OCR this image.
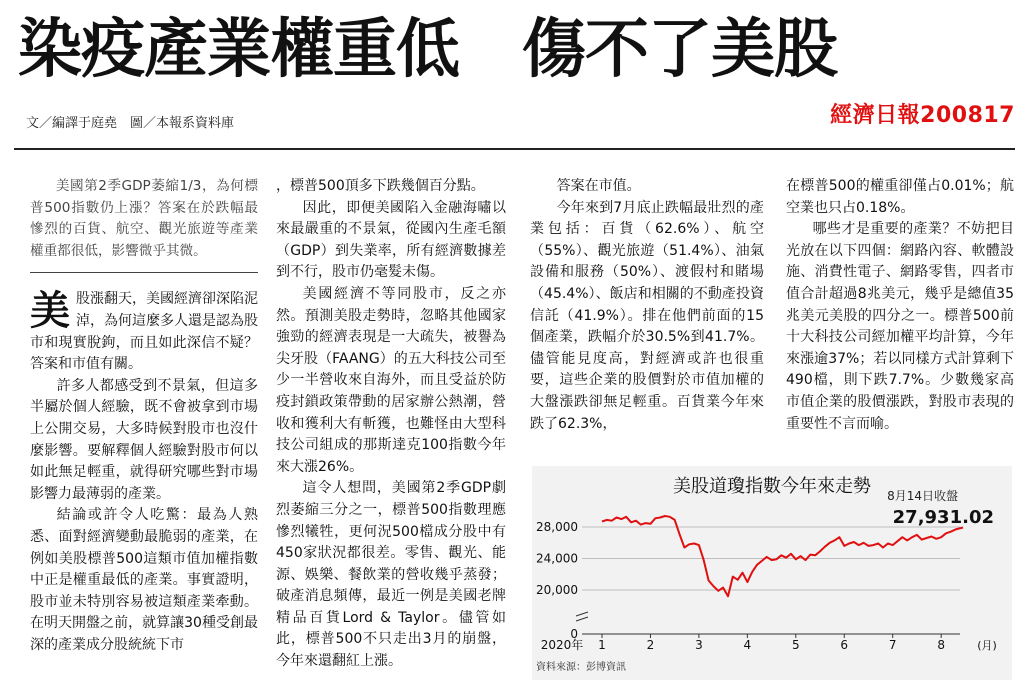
染疫產業權重低　傷不了美股
文／編譯于庭堯　圖／本報系資料庫	經濟日報200817

美國第2季GDP萎縮1/3，為何標普500指數仍上漲？答案在於跌幅最慘烈的百貨、航空、觀光旅遊等產業權重都很低，影響微乎其微。

美股漲翻天，美國經濟卻深陷泥淖，為何這麼多人還是認為股市和現實脫鉤，而且如此深信不疑？答案和市值有關。

許多人都感受到不景氣，但這多半屬於個人經驗，既不會被拿到市場上公開交易，大多時候對股市也沒什麼影響。要解釋個人經驗對股市何以如此無足輕重，就得研究哪些對市場影響力最薄弱的產業。

結論或許令人吃驚：最為人熟悉、面對經濟變動最脆弱的產業，在例如美股標普500這類市值加權指數中正是權重最低的產業。事實證明，股市並未特別容易被這類產業牽動。在明天開盤之前，就算讓30種受創最深的產業成分股統統下市

，標普500頂多下跌幾個百分點。

因此，即便美國陷入金融海嘯以來最嚴重的不景氣，從國內生產毛額（GDP）到失業率，所有經濟數據差到不行，股市仍毫髮未傷。

美國經濟不等同股市，反之亦然。預測美股走勢時，忽略其他國家強勁的經濟表現是一大疏失，被譽為尖牙股（FAANG）的五大科技公司至少一半營收來自海外，而且受益於防疫封鎖政策帶動的居家辦公熱潮，營收和獲利大有斬獲，也難怪由大型科技公司組成的那斯達克100指數今年來大漲26%。

這令人想問，美國第2季GDP劇烈萎縮三分之一，標普500指數理應慘烈犧牲，更何況500檔成分股中有450家狀況都很差。零售、觀光、能源、娛樂、餐飲業的營收幾乎蒸發；破產消息頻傳，最近一例是美國老牌精品百貨Lord & Taylor。儘管如此，標普500不只走出3月的崩盤，今年來還翻紅上漲。

答案在市值。

今年來到7月底止跌幅最壯烈的產業包括：百貨（62.6%）、航空（55%）、觀光旅遊（51.4%）、油氣設備和服務（50%）、渡假村和賭場（45.4%）、飯店和相關的不動產投資信託（41.9%）。排在他們前面的15個產業，跌幅介於30.5%到41.7%。儘管能見度高，對經濟或許也很重要，這些企業的股價對於市值加權的大盤漲跌卻無足輕重。百貨業今年來跌了62.3%，

在標普500的權重卻僅占0.01%；航空業也只占0.18%。

哪些才是重要的產業？不妨把目光放在以下四個：網路內容、軟體設施、消費性電子、網路零售，四者市值合計超過8兆美元，幾乎是總值35兆美元美股的四分之一。標普500前十大科技公司經加權平均計算，今年來漲逾37%；若以同樣方式計算剩下490檔，則下跌7.7%。少數幾家高市值企業的股價漲跌，對股市表現的重要性不言而喻。

美股道瓊指數今年來走勢 8月14日收盤
27,931.02
0
20,000
24,000
28,000
1	2	3	4	5	6	7	8
2020年	(月)
資料來源：彭博資訊
